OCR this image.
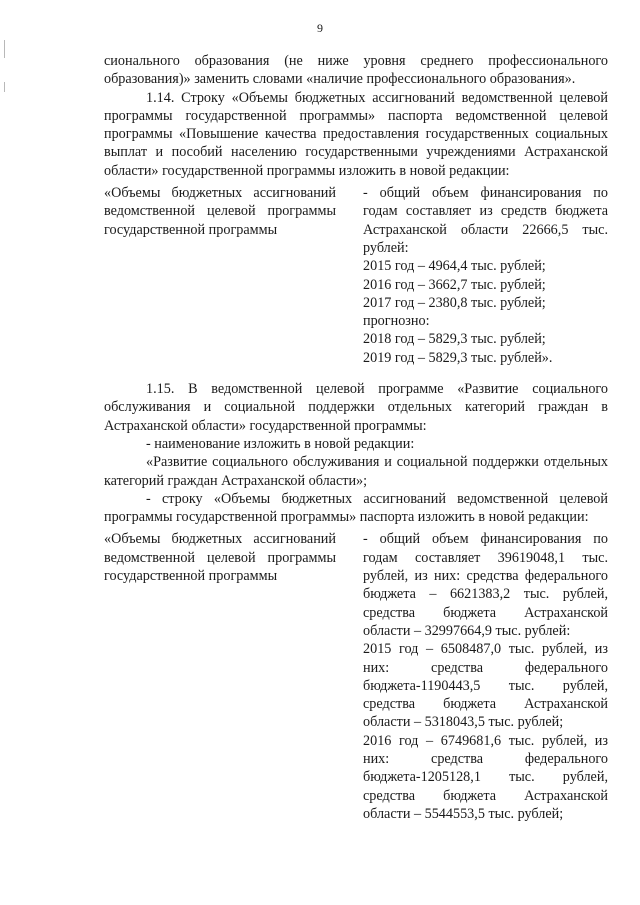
9

сионального образования (не ниже уровня среднего профессионального образования)» заменить словами «наличие профессионального образования».

1.14. Строку «Объемы бюджетных ассигнований ведомственной целевой программы государственной программы» паспорта ведомственной целевой программы «Повышение качества предоставления государственных социальных выплат и пособий населению государственными учреждениями Астраханской области» государственной программы изложить в новой редакции:

«Объемы бюджетных ассигнований ведомственной целевой программы государственной программы

- общий объем финансирования по годам составляет из средств бюджета Астраханской области 22666,5 тыс. рублей:

2015 год – 4964,4 тыс. рублей;

2016 год – 3662,7 тыс. рублей;

2017 год – 2380,8 тыс. рублей;

прогнозно:

2018 год – 5829,3 тыс. рублей;

2019 год – 5829,3 тыс. рублей».

1.15. В ведомственной целевой программе «Развитие социального обслуживания и социальной поддержки отдельных категорий граждан в Астраханской области» государственной программы:

- наименование изложить в новой редакции:

«Развитие социального обслуживания и социальной поддержки отдельных категорий граждан Астраханской области»;

- строку «Объемы бюджетных ассигнований ведомственной целевой программы государственной программы» паспорта изложить в новой редакции:

«Объемы бюджетных ассигнований ведомственной целевой программы государственной программы

- общий объем финансирования по годам составляет 39619048,1 тыс. рублей, из них: средства федерального бюджета – 6621383,2 тыс. рублей, средства бюджета Астраханской области – 32997664,9 тыс. рублей:

2015 год – 6508487,0 тыс. рублей, из них: средства федерального бюджета-1190443,5 тыс. рублей, средства бюджета Астраханской области – 5318043,5 тыс. рублей;

2016 год – 6749681,6 тыс. рублей, из них: средства федерального бюджета-1205128,1 тыс. рублей, средства бюджета Астраханской области – 5544553,5 тыс. рублей;
